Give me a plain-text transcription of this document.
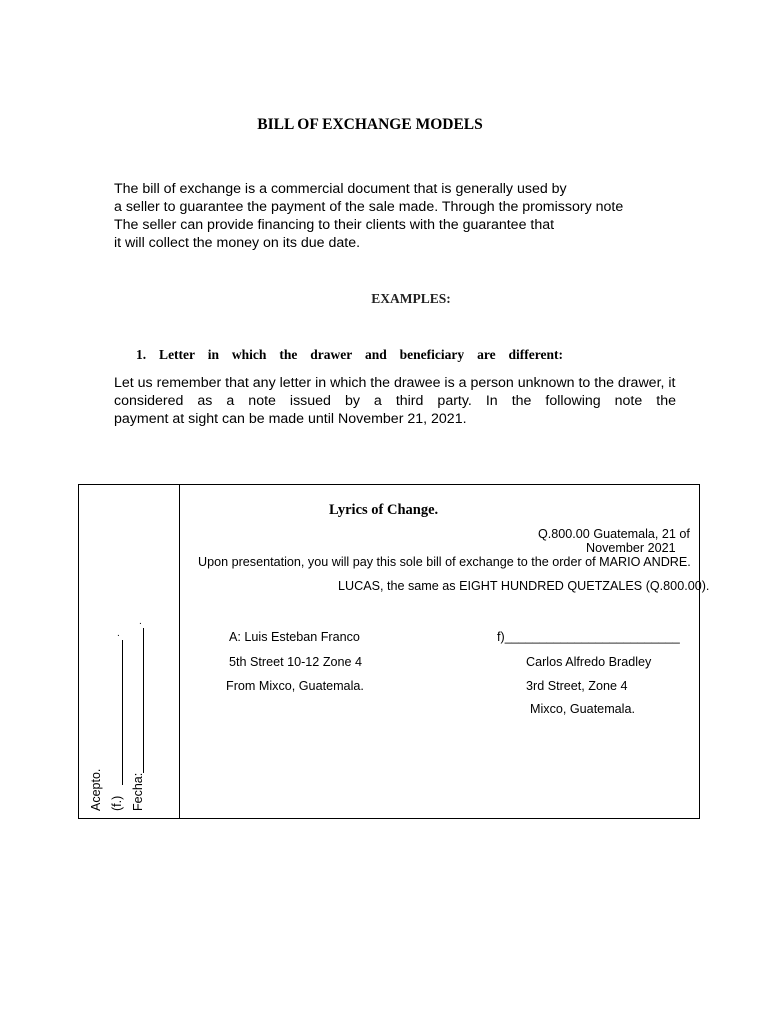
BILL OF EXCHANGE MODELS
The bill of exchange is a commercial document that is generally used by
a seller to guarantee the payment of the sale made. Through the promissory note
The seller can provide financing to their clients with the guarantee that
it will collect the money on its due date.
EXAMPLES:
1. Letter in which the drawer and beneficiary are different:
Let us remember that any letter in which the drawee is a person unknown to the drawer, it
considered as a note issued by a third party. In the following note the
payment at sight can be made until November 21, 2021.
Acepto. (f.) Fecha:
.
.
Lyrics of Change.
Q.800.00 Guatemala, 21 of
November 2021
Upon presentation, you will pay this sole bill of exchange to the order of MARIO ANDRE.
LUCAS, the same as EIGHT HUNDRED QUETZALES (Q.800.00).
A: Luis Esteban Franco
5th Street 10-12 Zone 4
From Mixco, Guatemala.
f)_________________________
Carlos Alfredo Bradley
3rd Street, Zone 4
Mixco, Guatemala.
